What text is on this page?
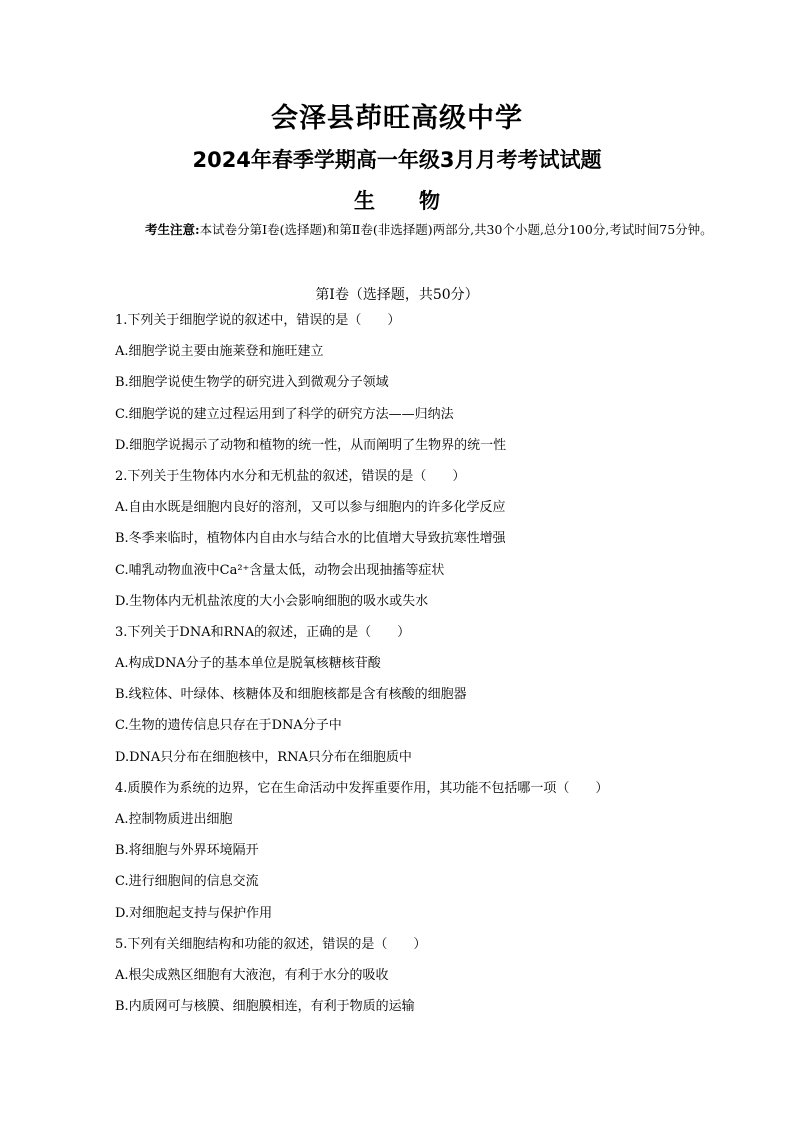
会泽县茚旺高级中学
2024年春季学期高一年级3月月考考试试题
生物
考生注意:本试卷分第Ⅰ卷(选择题)和第Ⅱ卷(非选择题)两部分,共30个小题,总分100分,考试时间75分钟。
第Ⅰ卷（选择题，共50分）
1.下列关于细胞学说的叙述中，错误的是（　　）
A.细胞学说主要由施莱登和施旺建立
B.细胞学说使生物学的研究进入到微观分子领域
C.细胞学说的建立过程运用到了科学的研究方法——归纳法
D.细胞学说揭示了动物和植物的统一性，从而阐明了生物界的统一性
2.下列关于生物体内水分和无机盐的叙述，错误的是（　　）
A.自由水既是细胞内良好的溶剂，又可以参与细胞内的许多化学反应
B.冬季来临时，植物体内自由水与结合水的比值增大导致抗寒性增强
C.哺乳动物血液中Ca²⁺含量太低，动物会出现抽搐等症状
D.生物体内无机盐浓度的大小会影响细胞的吸水或失水
3.下列关于DNA和RNA的叙述，正确的是（　　）
A.构成DNA分子的基本单位是脱氧核糖核苷酸
B.线粒体、叶绿体、核糖体及和细胞核都是含有核酸的细胞器
C.生物的遗传信息只存在于DNA分子中
D.DNA只分布在细胞核中，RNA只分布在细胞质中
4.质膜作为系统的边界，它在生命活动中发挥重要作用，其功能不包括哪一项（　　）
A.控制物质进出细胞
B.将细胞与外界环境隔开
C.进行细胞间的信息交流
D.对细胞起支持与保护作用
5.下列有关细胞结构和功能的叙述，错误的是（　　）
A.根尖成熟区细胞有大液泡，有利于水分的吸收
B.内质网可与核膜、细胞膜相连，有利于物质的运输
